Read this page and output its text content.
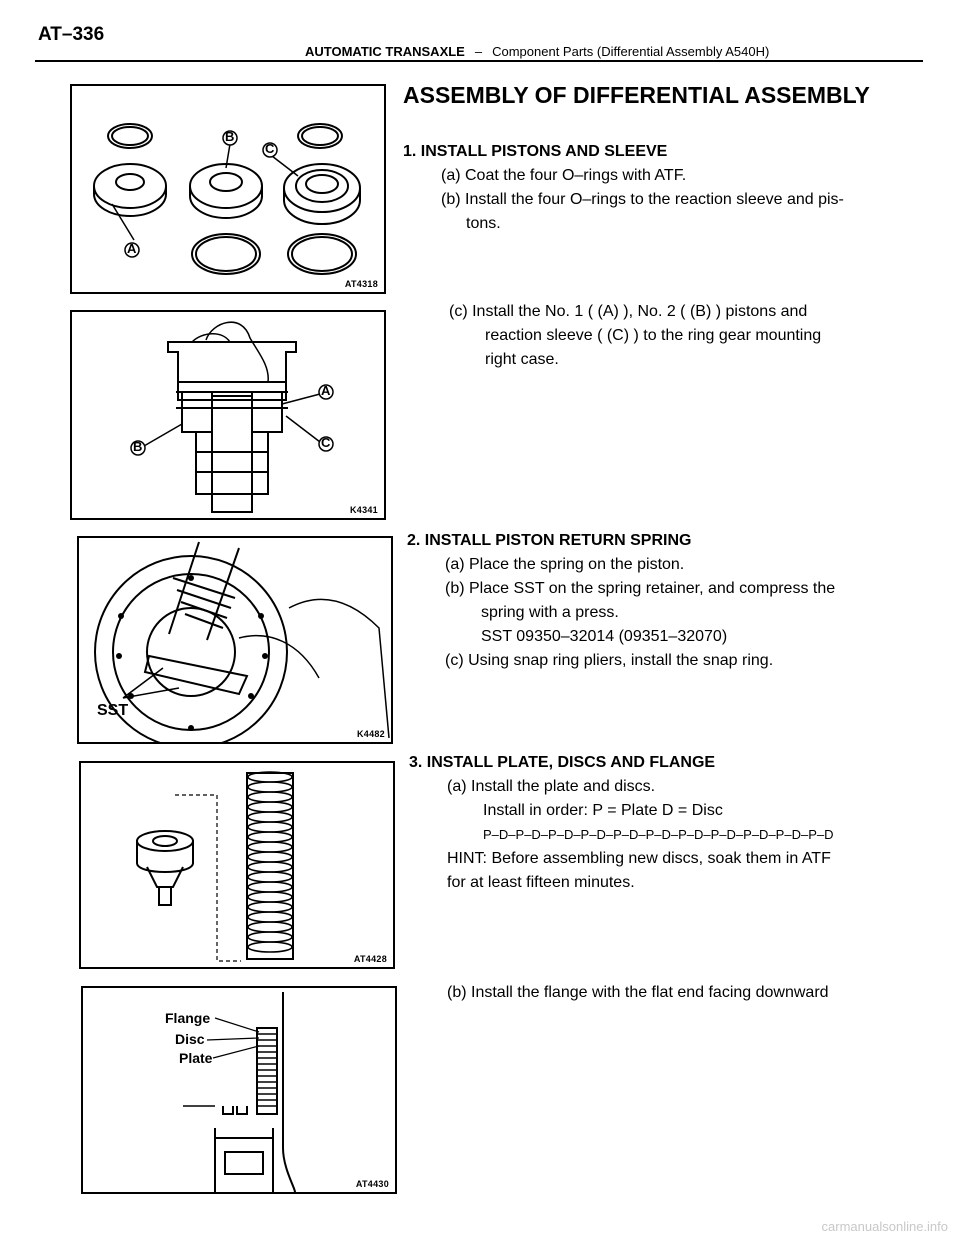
AT–336
AUTOMATIC TRANSAXLE – Component Parts (Differential Assembly A540H)
A
B
C
AT4318
ASSEMBLY OF DIFFERENTIAL ASSEMBLY
1. INSTALL PISTONS AND SLEEVE
(a) Coat the four O–rings with ATF.
(b) Install the four O–rings to the reaction sleeve and pis-
tons.
A
B	C
K4341
(c) Install the No. 1 ( (A) ), No. 2 ( (B) ) pistons and
reaction sleeve ( (C) ) to the ring gear mounting
right case.
SST
K4482
2. INSTALL PISTON RETURN SPRING
(a) Place the spring on the piston.
(b) Place SST on the spring retainer, and compress the
spring with a press.
SST 09350–32014 (09351–32070)
(c) Using snap ring pliers, install the snap ring.
AT4428
3. INSTALL PLATE, DISCS AND FLANGE
(a) Install the plate and discs.
Install in order: P = Plate D = Disc
P–D–P–D–P–D–P–D–P–D–P–D–P–D–P–D–P–D–P–D–P–D
HINT: Before assembling new discs, soak them in ATF
for at least fifteen minutes.
(b) Install the flange with the flat end facing downward
Flange
Disc
Plate
AT4430
carmanualsonline.info
